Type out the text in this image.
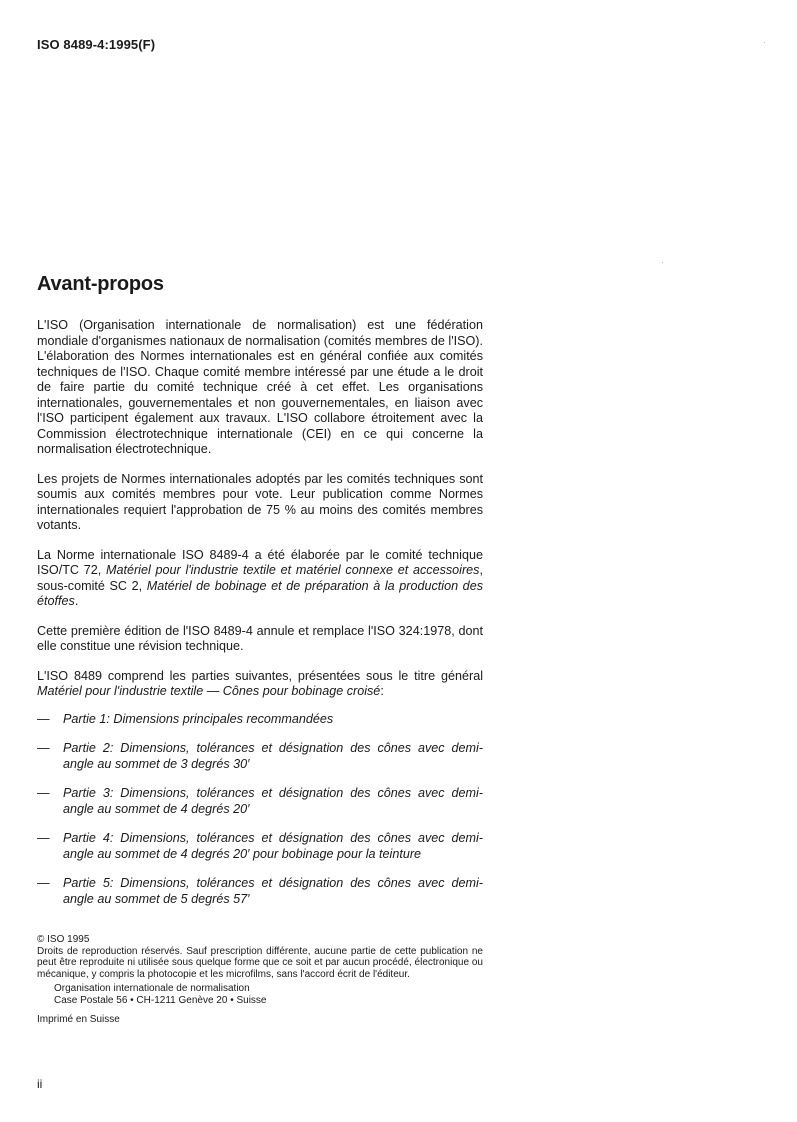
ISO 8489-4:1995(F)
Avant-propos

L'ISO (Organisation internationale de normalisation) est une fédération mondiale d'organismes nationaux de normalisation (comités membres de l'ISO). L'élaboration des Normes internationales est en général confiée aux comités techniques de l'ISO. Chaque comité membre intéressé par une étude a le droit de faire partie du comité technique créé à cet effet. Les organisations internationales, gouvernementales et non gouvernementales, en liaison avec l'ISO participent également aux travaux. L'ISO collabore étroitement avec la Commission électrotechnique internationale (CEI) en ce qui concerne la normalisation électrotechnique.

Les projets de Normes internationales adoptés par les comités techniques sont soumis aux comités membres pour vote. Leur publication comme Normes internationales requiert l'approbation de 75 % au moins des comités membres votants.

La Norme internationale ISO 8489-4 a été élaborée par le comité technique ISO/TC 72, Matériel pour l'industrie textile et matériel connexe et accessoires, sous-comité SC 2, Matériel de bobinage et de préparation à la production des étoffes.

Cette première édition de l'ISO 8489-4 annule et remplace l'ISO 324:1978, dont elle constitue une révision technique.

L'ISO 8489 comprend les parties suivantes, présentées sous le titre général Matériel pour l'industrie textile — Cônes pour bobinage croisé:

— Partie 1: Dimensions principales recommandées
— Partie 2: Dimensions, tolérances et désignation des cônes avec demi-angle au sommet de 3 degrés 30′
— Partie 3: Dimensions, tolérances et désignation des cônes avec demi-angle au sommet de 4 degrés 20′
— Partie 4: Dimensions, tolérances et désignation des cônes avec demi-angle au sommet de 4 degrés 20′ pour bobinage pour la teinture
— Partie 5: Dimensions, tolérances et désignation des cônes avec demi-angle au sommet de 5 degrés 57′

© ISO 1995

Droits de reproduction réservés. Sauf prescription différente, aucune partie de cette publication ne peut être reproduite ni utilisée sous quelque forme que ce soit et par aucun procédé, électronique ou mécanique, y compris la photocopie et les microfilms, sans l'accord écrit de l'éditeur.

Organisation internationale de normalisation
Case Postale 56 • CH-1211 Genève 20 • Suisse

Imprimé en Suisse

ii
